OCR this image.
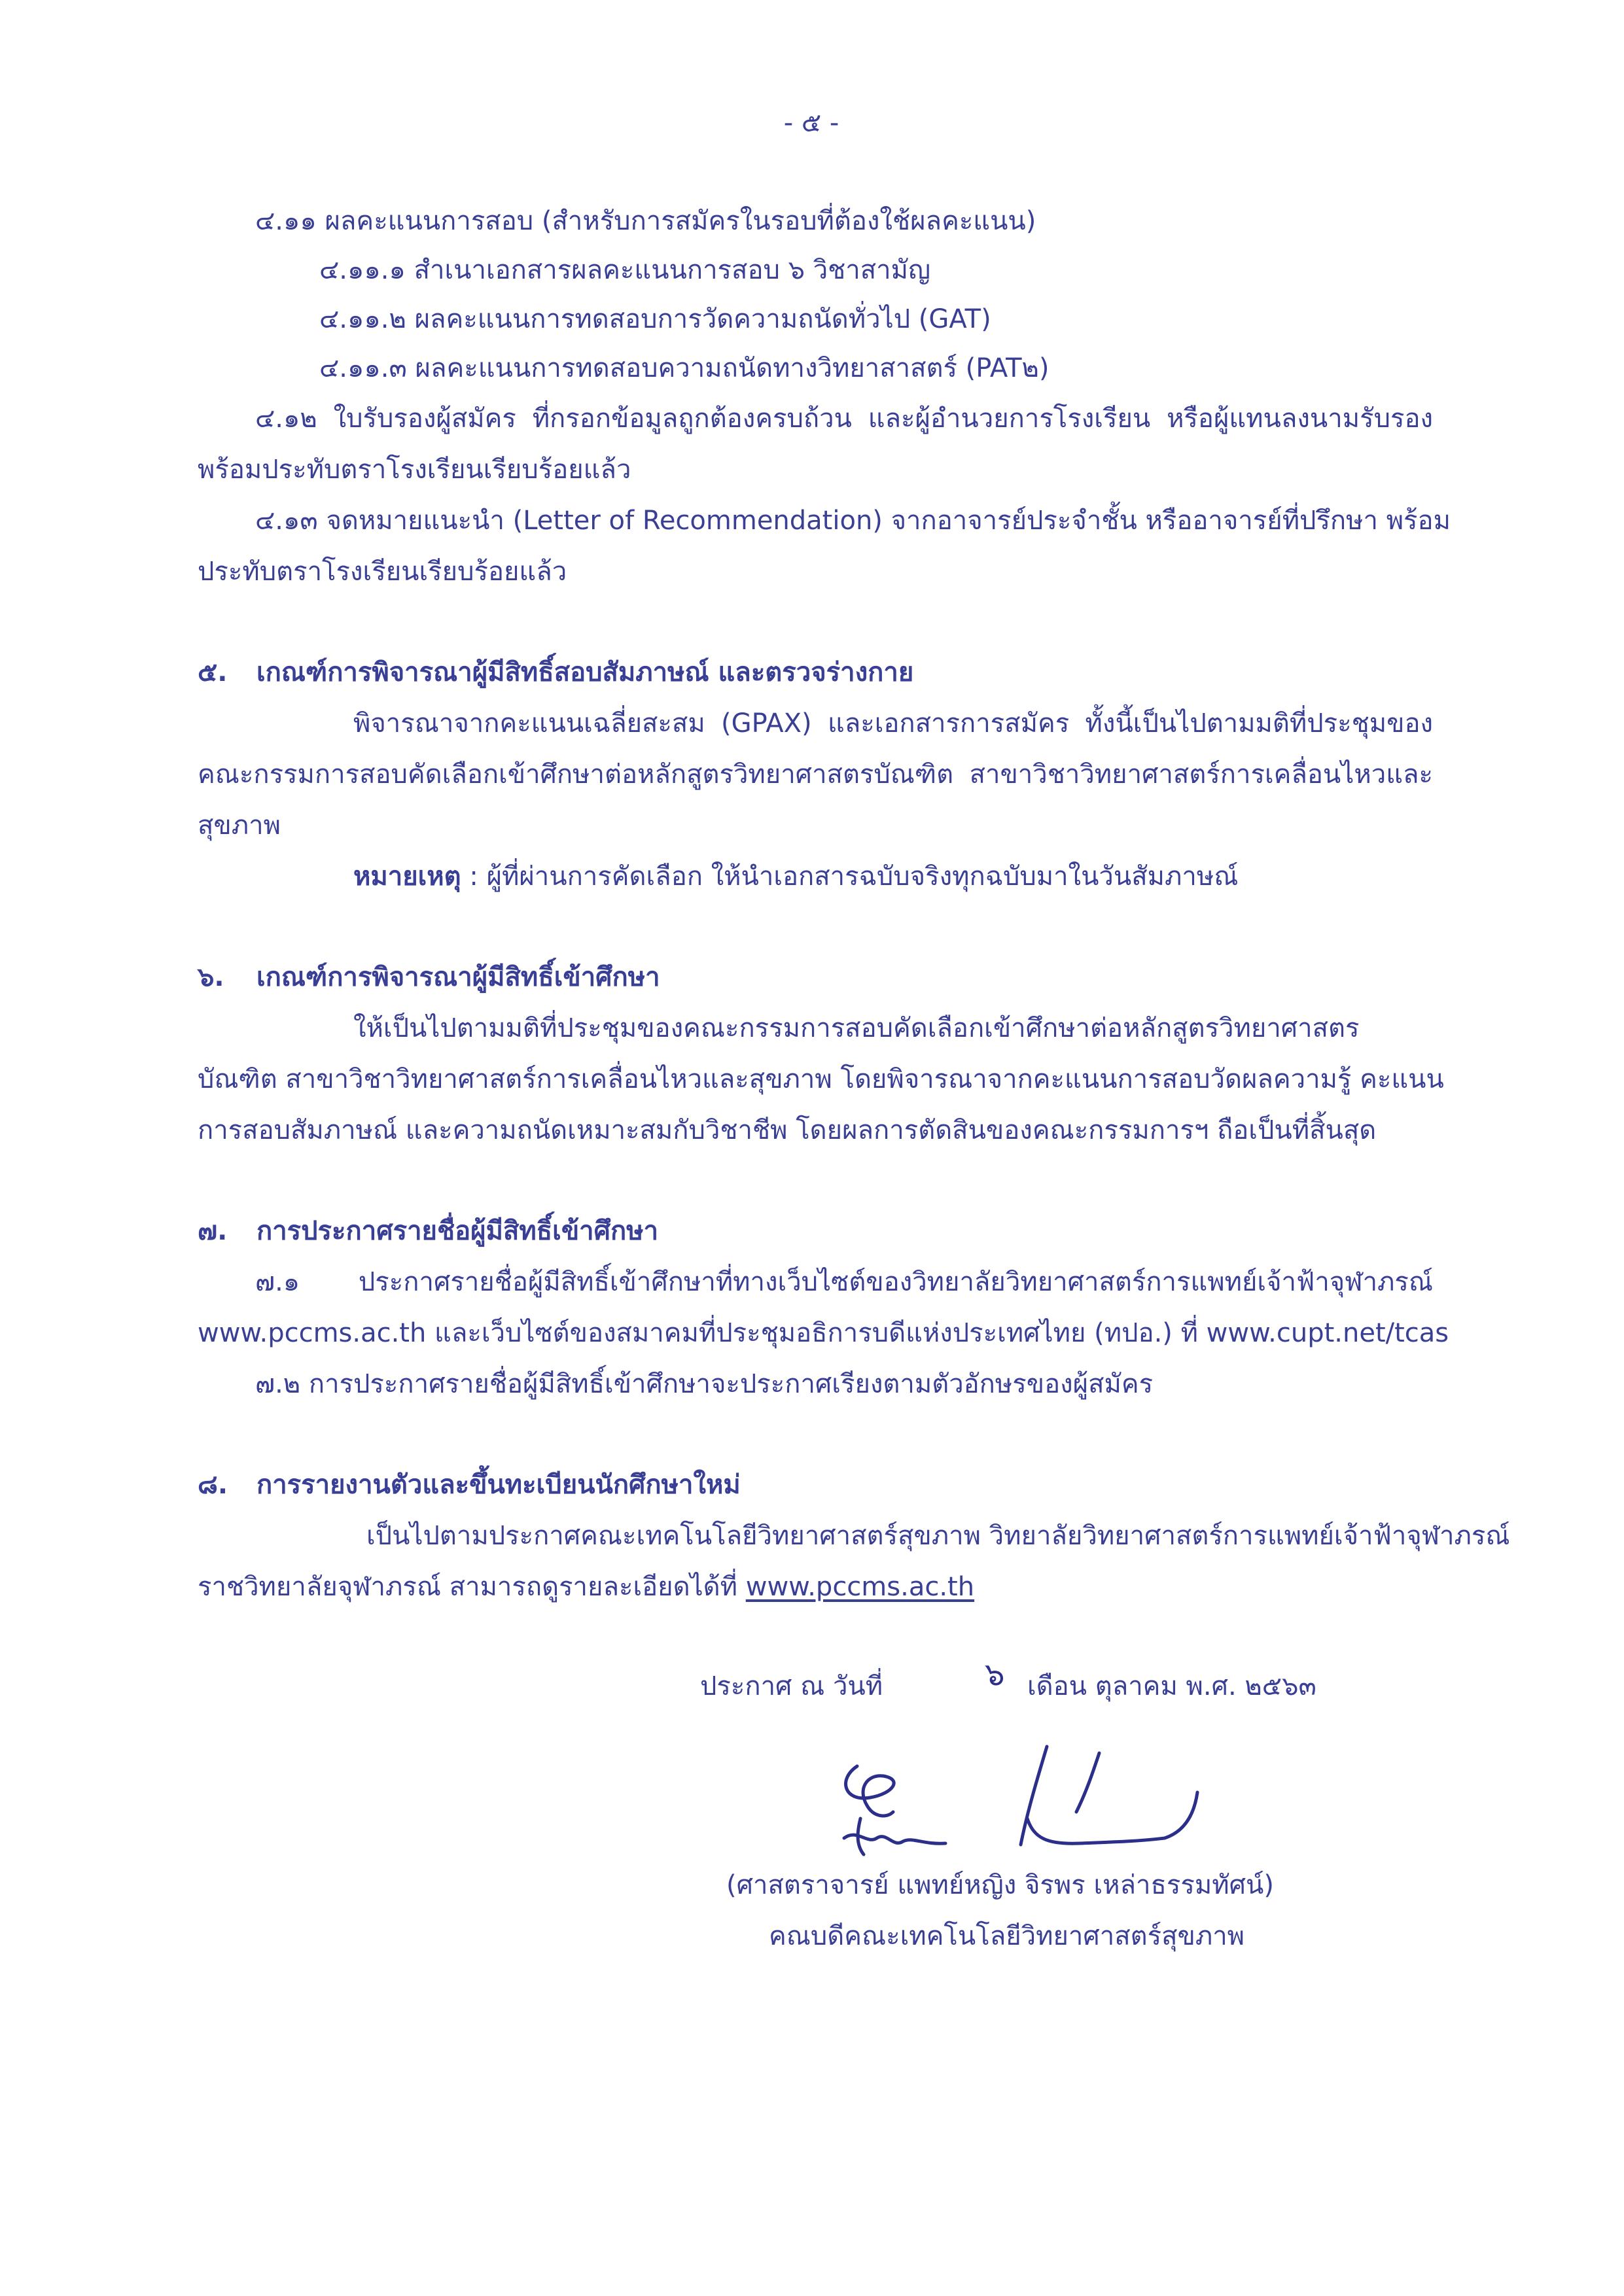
- ๕ -
๔.๑๑ ผลคะแนนการสอบ (สำหรับการสมัครในรอบที่ต้องใช้ผลคะแนน)
๔.๑๑.๑ สำเนาเอกสารผลคะแนนการสอบ ๖ วิชาสามัญ
๔.๑๑.๒ ผลคะแนนการทดสอบการวัดความถนัดทั่วไป (GAT)
๔.๑๑.๓ ผลคะแนนการทดสอบความถนัดทางวิทยาสาสตร์ (PAT๒)
๔.๑๒ ใบรับรองผู้สมัคร ที่กรอกข้อมูลถูกต้องครบถ้วน และผู้อำนวยการโรงเรียน หรือผู้แทนลงนามรับรอง
พร้อมประทับตราโรงเรียนเรียบร้อยแล้ว
๔.๑๓ จดหมายแนะนำ (Letter of Recommendation) จากอาจารย์ประจำชั้น หรืออาจารย์ที่ปรึกษา พร้อม
ประทับตราโรงเรียนเรียบร้อยแล้ว
๕. เกณฑ์การพิจารณาผู้มีสิทธิ์สอบสัมภาษณ์ และตรวจร่างกาย
พิจารณาจากคะแนนเฉลี่ยสะสม (GPAX) และเอกสารการสมัคร ทั้งนี้เป็นไปตามมติที่ประชุมของ
คณะกรรมการสอบคัดเลือกเข้าศึกษาต่อหลักสูตรวิทยาศาสตรบัณฑิต สาขาวิชาวิทยาศาสตร์การเคลื่อนไหวและ
สุขภาพ
หมายเหตุ : ผู้ที่ผ่านการคัดเลือก ให้นำเอกสารฉบับจริงทุกฉบับมาในวันสัมภาษณ์
๖. เกณฑ์การพิจารณาผู้มีสิทธิ์เข้าศึกษา
ให้เป็นไปตามมติที่ประชุมของคณะกรรมการสอบคัดเลือกเข้าศึกษาต่อหลักสูตรวิทยาศาสตร
บัณฑิต สาขาวิชาวิทยาศาสตร์การเคลื่อนไหวและสุขภาพ โดยพิจารณาจากคะแนนการสอบวัดผลความรู้ คะแนน
การสอบสัมภาษณ์ และความถนัดเหมาะสมกับวิชาชีพ โดยผลการตัดสินของคณะกรรมการฯ ถือเป็นที่สิ้นสุด
๗. การประกาศรายชื่อผู้มีสิทธิ์เข้าศึกษา
๗.๑ ประกาศรายชื่อผู้มีสิทธิ์เข้าศึกษาที่ทางเว็บไซต์ของวิทยาลัยวิทยาศาสตร์การแพทย์เจ้าฟ้าจุฬาภรณ์
www.pccms.ac.th และเว็บไซต์ของสมาคมที่ประชุมอธิการบดีแห่งประเทศไทย (ทปอ.) ที่ www.cupt.net/tcas
๗.๒ การประกาศรายชื่อผู้มีสิทธิ์เข้าศึกษาจะประกาศเรียงตามตัวอักษรของผู้สมัคร
๘. การรายงานตัวและขึ้นทะเบียนนักศึกษาใหม่
เป็นไปตามประกาศคณะเทคโนโลยีวิทยาศาสตร์สุขภาพ วิทยาลัยวิทยาศาสตร์การแพทย์เจ้าฟ้าจุฬาภรณ์
ราชวิทยาลัยจุฬาภรณ์ สามารถดูรายละเอียดได้ที่ www.pccms.ac.th
ประกาศ ณ วันที่	๖ เดือน ตุลาคม พ.ศ. ๒๕๖๓
(ศาสตราจารย์ แพทย์หญิง จิรพร เหล่าธรรมทัศน์)
คณบดีคณะเทคโนโลยีวิทยาศาสตร์สุขภาพ
